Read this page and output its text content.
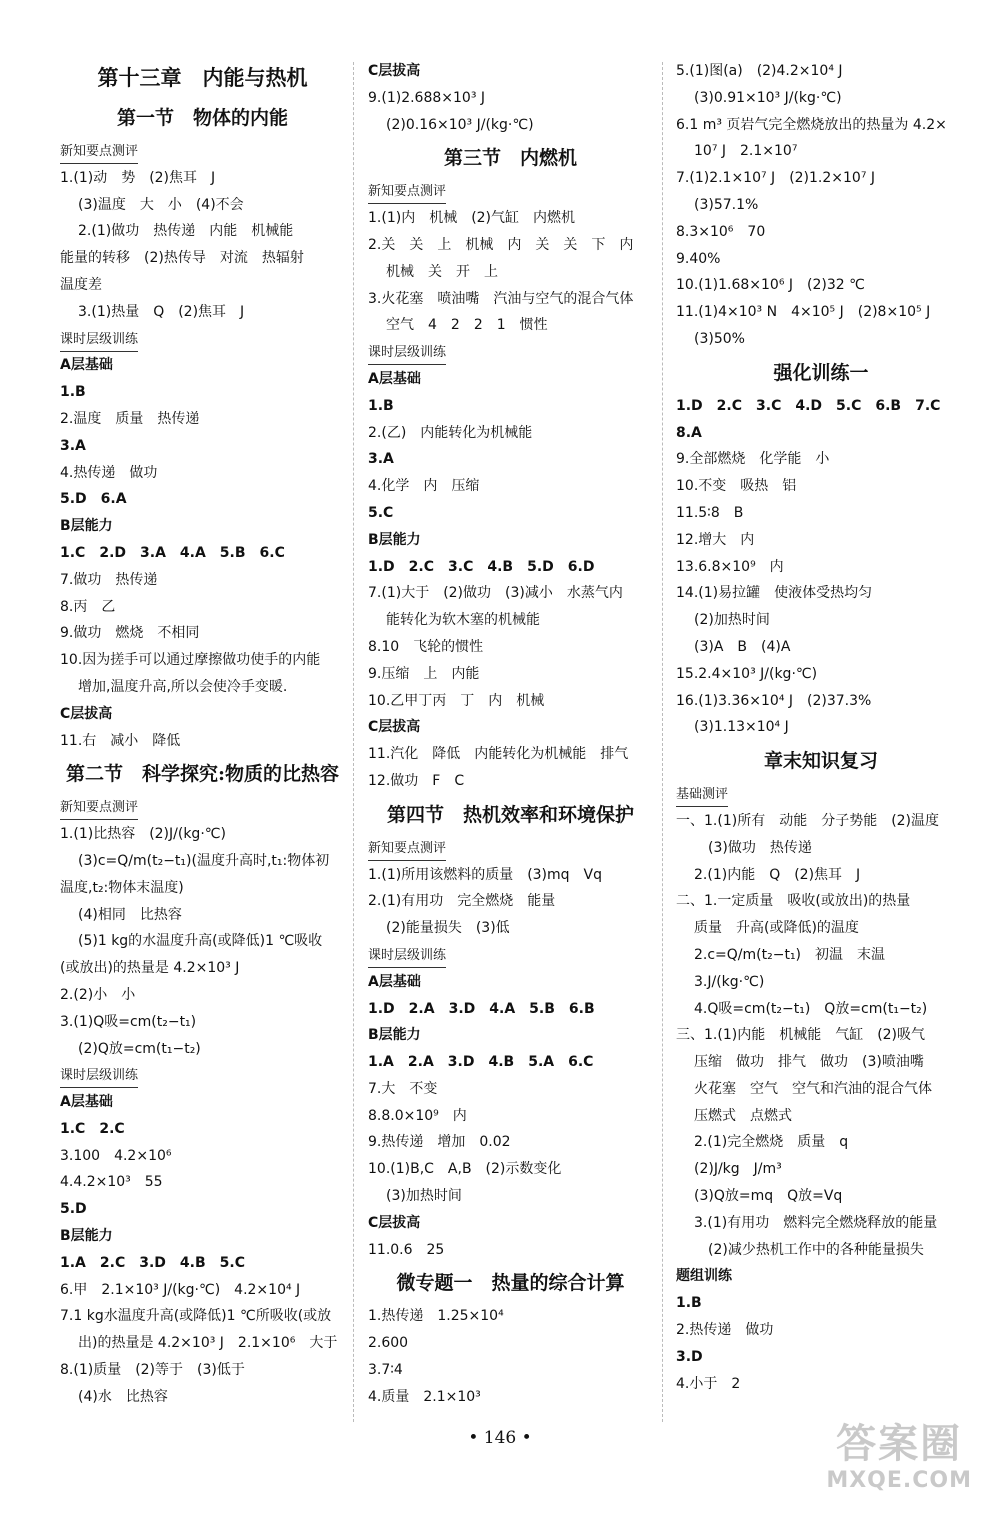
第十三章　内能与热机
第一节　物体的内能
新知要点测评
1.(1)动　势　(2)焦耳　J
(3)温度　大　小　(4)不会
2.(1)做功　热传递　内能　机械能
能量的转移　(2)热传导　对流　热辐射
温度差
3.(1)热量　Q　(2)焦耳　J
课时层级训练
A层基础
1.B
2.温度　质量　热传递
3.A
4.热传递　做功
5.D　6.A
B层能力
1.C　2.D　3.A　4.A　5.B　6.C
7.做功　热传递
8.丙　乙
9.做功　燃烧　不相同
10.因为搓手可以通过摩擦做功使手的内能
增加,温度升高,所以会使冷手变暖.
C层拔高
11.右　减小　降低
第二节　科学探究:物质的比热容
新知要点测评
1.(1)比热容　(2)J/(kg·℃)
(3)c=Q/m(t₂−t₁)(温度升高时,t₁:物体初
温度,t₂:物体末温度)
(4)相同　比热容
(5)1 kg的水温度升高(或降低)1 ℃吸收
(或放出)的热量是 4.2×10³ J
2.(2)小　小
3.(1)Q吸=cm(t₂−t₁)
(2)Q放=cm(t₁−t₂)
课时层级训练
A层基础
1.C　2.C
3.100　4.2×10⁶
4.4.2×10³　55
5.D
B层能力
1.A　2.C　3.D　4.B　5.C
6.甲　2.1×10³ J/(kg·℃)　4.2×10⁴ J
7.1 kg水温度升高(或降低)1 ℃所吸收(或放
出)的热量是 4.2×10³ J　2.1×10⁶　大于
8.(1)质量　(2)等于　(3)低于
(4)水　比热容
C层拔高
9.(1)2.688×10³ J
(2)0.16×10³ J/(kg·℃)
第三节　内燃机
新知要点测评
1.(1)内　机械　(2)气缸　内燃机
2.关　关　上　机械　内　关　关　下　内
机械　关　开　上
3.火花塞　喷油嘴　汽油与空气的混合气体
空气　4　2　2　1　惯性
课时层级训练
A层基础
1.B
2.(乙)　内能转化为机械能
3.A
4.化学　内　压缩
5.C
B层能力
1.D　2.C　3.C　4.B　5.D　6.D
7.(1)大于　(2)做功　(3)减小　水蒸气内
能转化为软木塞的机械能
8.10　飞轮的惯性
9.压缩　上　内能
10.乙甲丁丙　丁　内　机械
C层拔高
11.汽化　降低　内能转化为机械能　排气
12.做功　F　C
第四节　热机效率和环境保护
新知要点测评
1.(1)所用该燃料的质量　(3)mq　Vq
2.(1)有用功　完全燃烧　能量
(2)能量损失　(3)低
课时层级训练
A层基础
1.D　2.A　3.D　4.A　5.B　6.B
B层能力
1.A　2.A　3.D　4.B　5.A　6.C
7.大　不变
8.8.0×10⁹　内
9.热传递　增加　0.02
10.(1)B,C　A,B　(2)示数变化
(3)加热时间
C层拔高
11.0.6　25
微专题一　热量的综合计算
1.热传递　1.25×10⁴
2.600
3.7∶4
4.质量　2.1×10³
5.(1)图(a)　(2)4.2×10⁴ J
(3)0.91×10³ J/(kg·℃)
6.1 m³ 页岩气完全燃烧放出的热量为 4.2×
10⁷ J　2.1×10⁷
7.(1)2.1×10⁷ J　(2)1.2×10⁷ J
(3)57.1%
8.3×10⁶　70
9.40%
10.(1)1.68×10⁶ J　(2)32 ℃
11.(1)4×10³ N　4×10⁵ J　(2)8×10⁵ J
(3)50%
强化训练一
1.D　2.C　3.C　4.D　5.C　6.B　7.C
8.A
9.全部燃烧　化学能　小
10.不变　吸热　铝
11.5∶8　B
12.增大　内
13.6.8×10⁹　内
14.(1)易拉罐　使液体受热均匀
(2)加热时间
(3)A　B　(4)A
15.2.4×10³ J/(kg·℃)
16.(1)3.36×10⁴ J　(2)37.3%
(3)1.13×10⁴ J
章末知识复习
基础测评
一、1.(1)所有　动能　分子势能　(2)温度
　(3)做功　热传递
2.(1)内能　Q　(2)焦耳　J
二、1.一定质量　吸收(或放出)的热量
质量　升高(或降低)的温度
2.c=Q/m(t₂−t₁)　初温　末温
3.J/(kg·℃)
4.Q吸=cm(t₂−t₁)　Q放=cm(t₁−t₂)
三、1.(1)内能　机械能　气缸　(2)吸气
压缩　做功　排气　做功　(3)喷油嘴
火花塞　空气　空气和汽油的混合气体
压燃式　点燃式
2.(1)完全燃烧　质量　q
(2)J/kg　J/m³
(3)Q放=mq　Q放=Vq
3.(1)有用功　燃料完全燃烧释放的能量
　(2)减少热机工作中的各种能量损失
题组训练
1.B
2.热传递　做功
3.D
4.小于　2
• 146 •	答案圈
MXQE.COM
